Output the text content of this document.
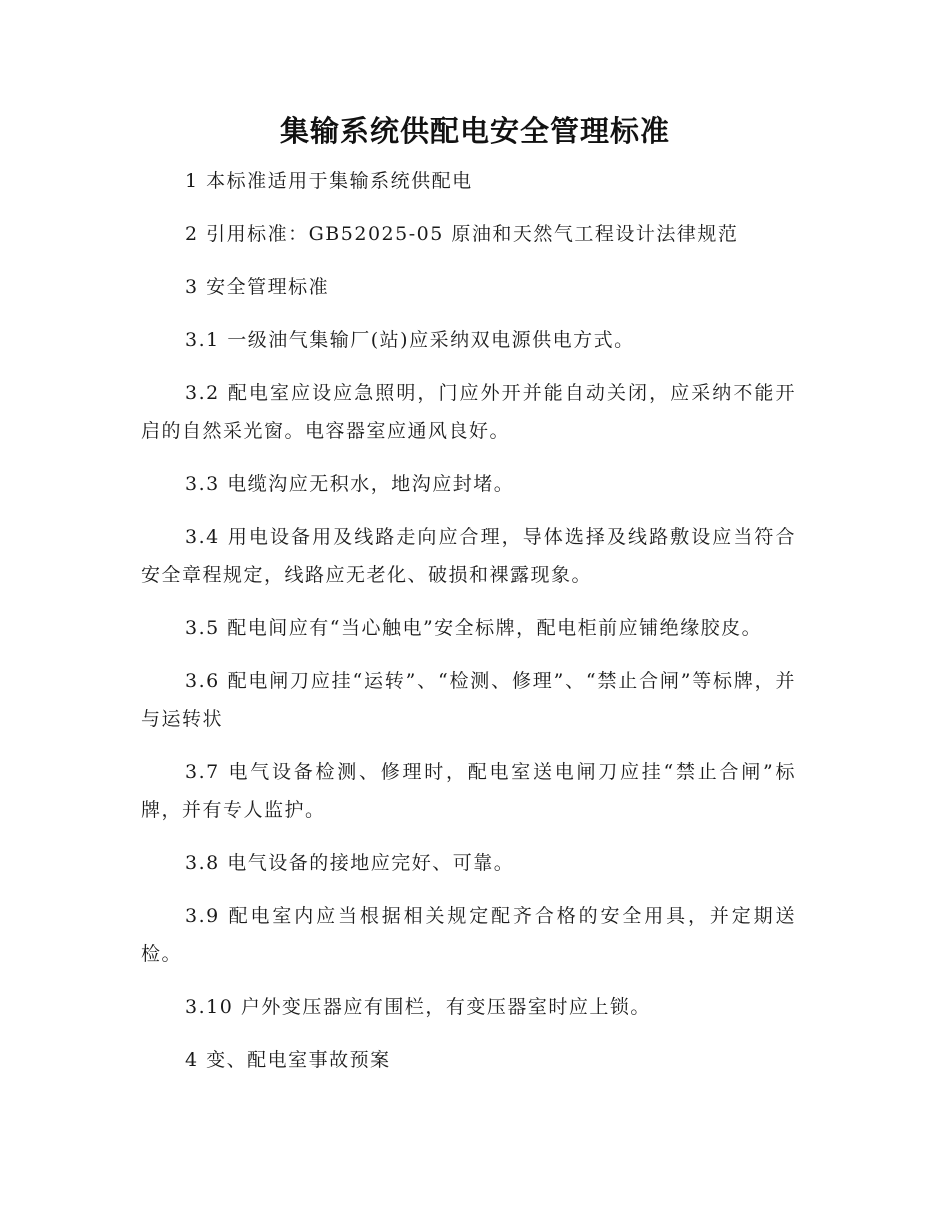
集输系统供配电安全管理标准

1 本标准适用于集输系统供配电

2 引用标准：GB52025-05 原油和天然气工程设计法律规范

3 安全管理标准

3.1 一级油气集输厂(站)应采纳双电源供电方式。

3.2 配电室应设应急照明，门应外开并能自动关闭，应采纳不能开启的自然采光窗。电容器室应通风良好。

3.3 电缆沟应无积水，地沟应封堵。

3.4 用电设备用及线路走向应合理，导体选择及线路敷设应当符合安全章程规定，线路应无老化、破损和裸露现象。

3.5 配电间应有“当心触电”安全标牌，配电柜前应铺绝缘胶皮。

3.6 配电闸刀应挂“运转”、“检测、修理”、“禁止合闸”等标牌，并与运转状

3.7 电气设备检测、修理时，配电室送电闸刀应挂“禁止合闸”标牌，并有专人监护。

3.8 电气设备的接地应完好、可靠。

3.9 配电室内应当根据相关规定配齐合格的安全用具，并定期送检。

3.10 户外变压器应有围栏，有变压器室时应上锁。

4 变、配电室事故预案
